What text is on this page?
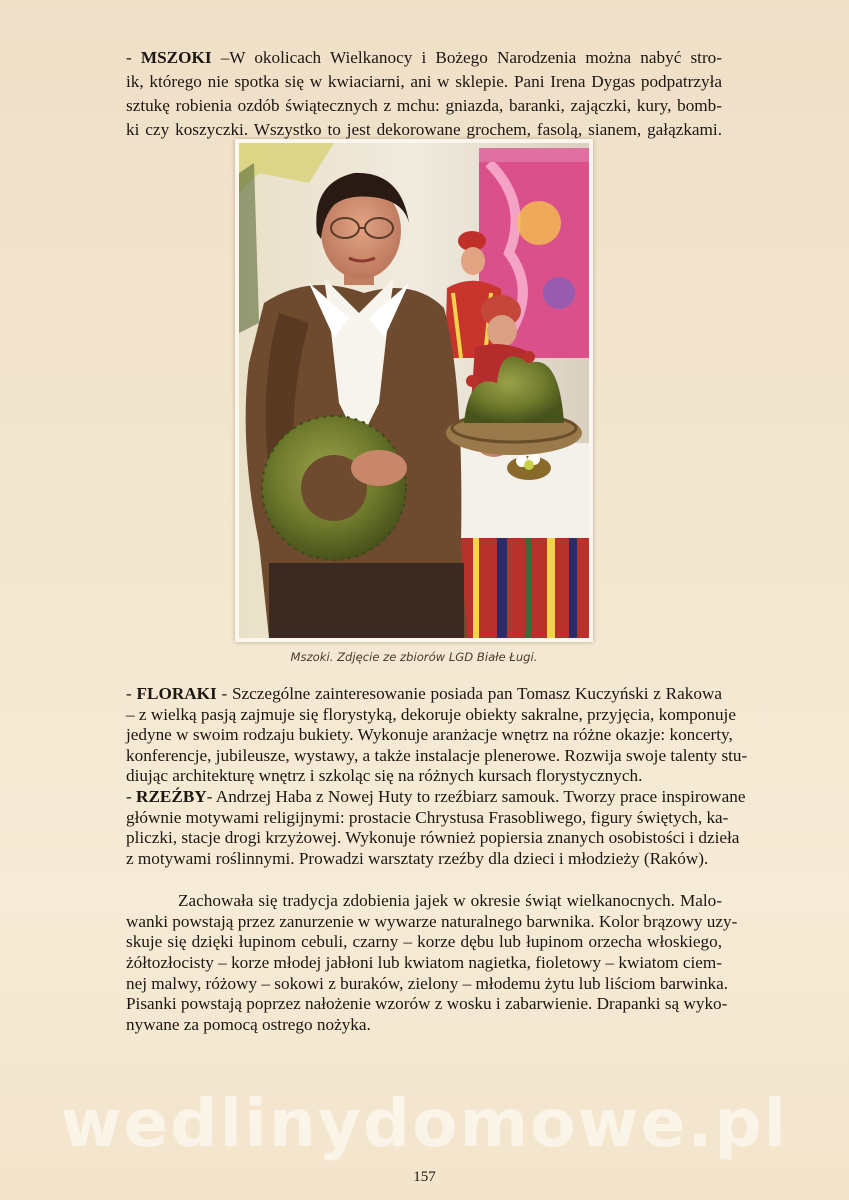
- MSZOKI –W okolicach Wielkanocy i Bożego Narodzenia można nabyć stro-
ik, którego nie spotka się w kwiaciarni, ani w sklepie. Pani Irena Dygas podpatrzyła
sztukę robienia ozdób świątecznych z mchu: gniazda, baranki, zajączki, kury, bomb-
ki czy koszyczki. Wszystko to jest dekorowane grochem, fasolą, sianem, gałązkami.
Mszoki. Zdjęcie ze zbiorów LGD Białe Ługi.
- FLORAKI - Szczególne zainteresowanie posiada pan Tomasz Kuczyński z Rakowa
– z wielką pasją zajmuje się florystyką, dekoruje obiekty sakralne, przyjęcia, komponuje
jedyne w swoim rodzaju bukiety. Wykonuje aranżacje wnętrz na różne okazje: koncerty,
konferencje, jubileusze, wystawy, a także instalacje plenerowe. Rozwija swoje talenty stu-
diując architekturę wnętrz i szkoląc się na różnych kursach florystycznych.
- RZEŹBY- Andrzej Haba z Nowej Huty to rzeźbiarz samouk. Tworzy prace inspirowane
głównie motywami religijnymi: prostacie Chrystusa Frasobliwego, figury świętych, ka-
pliczki, stacje drogi krzyżowej. Wykonuje również popiersia znanych osobistości i dzieła
z motywami roślinnymi. Prowadzi warsztaty rzeźby dla dzieci i młodzieży (Raków).
Zachowała się tradycja zdobienia jajek w okresie świąt wielkanocnych. Malo-
wanki powstają przez zanurzenie w wywarze naturalnego barwnika. Kolor brązowy uzy-
skuje się dzięki łupinom cebuli, czarny – korze dębu lub łupinom orzecha włoskiego,
żółtozłocisty – korze młodej jabłoni lub kwiatom nagietka, fioletowy – kwiatom ciem-
nej malwy, różowy – sokowi z buraków, zielony – młodemu żytu lub liściom barwinka.
Pisanki powstają poprzez nałożenie wzorów z wosku i zabarwienie. Drapanki są wyko-
nywane za pomocą ostrego nożyka.
wedlinydomowe.pl
157
